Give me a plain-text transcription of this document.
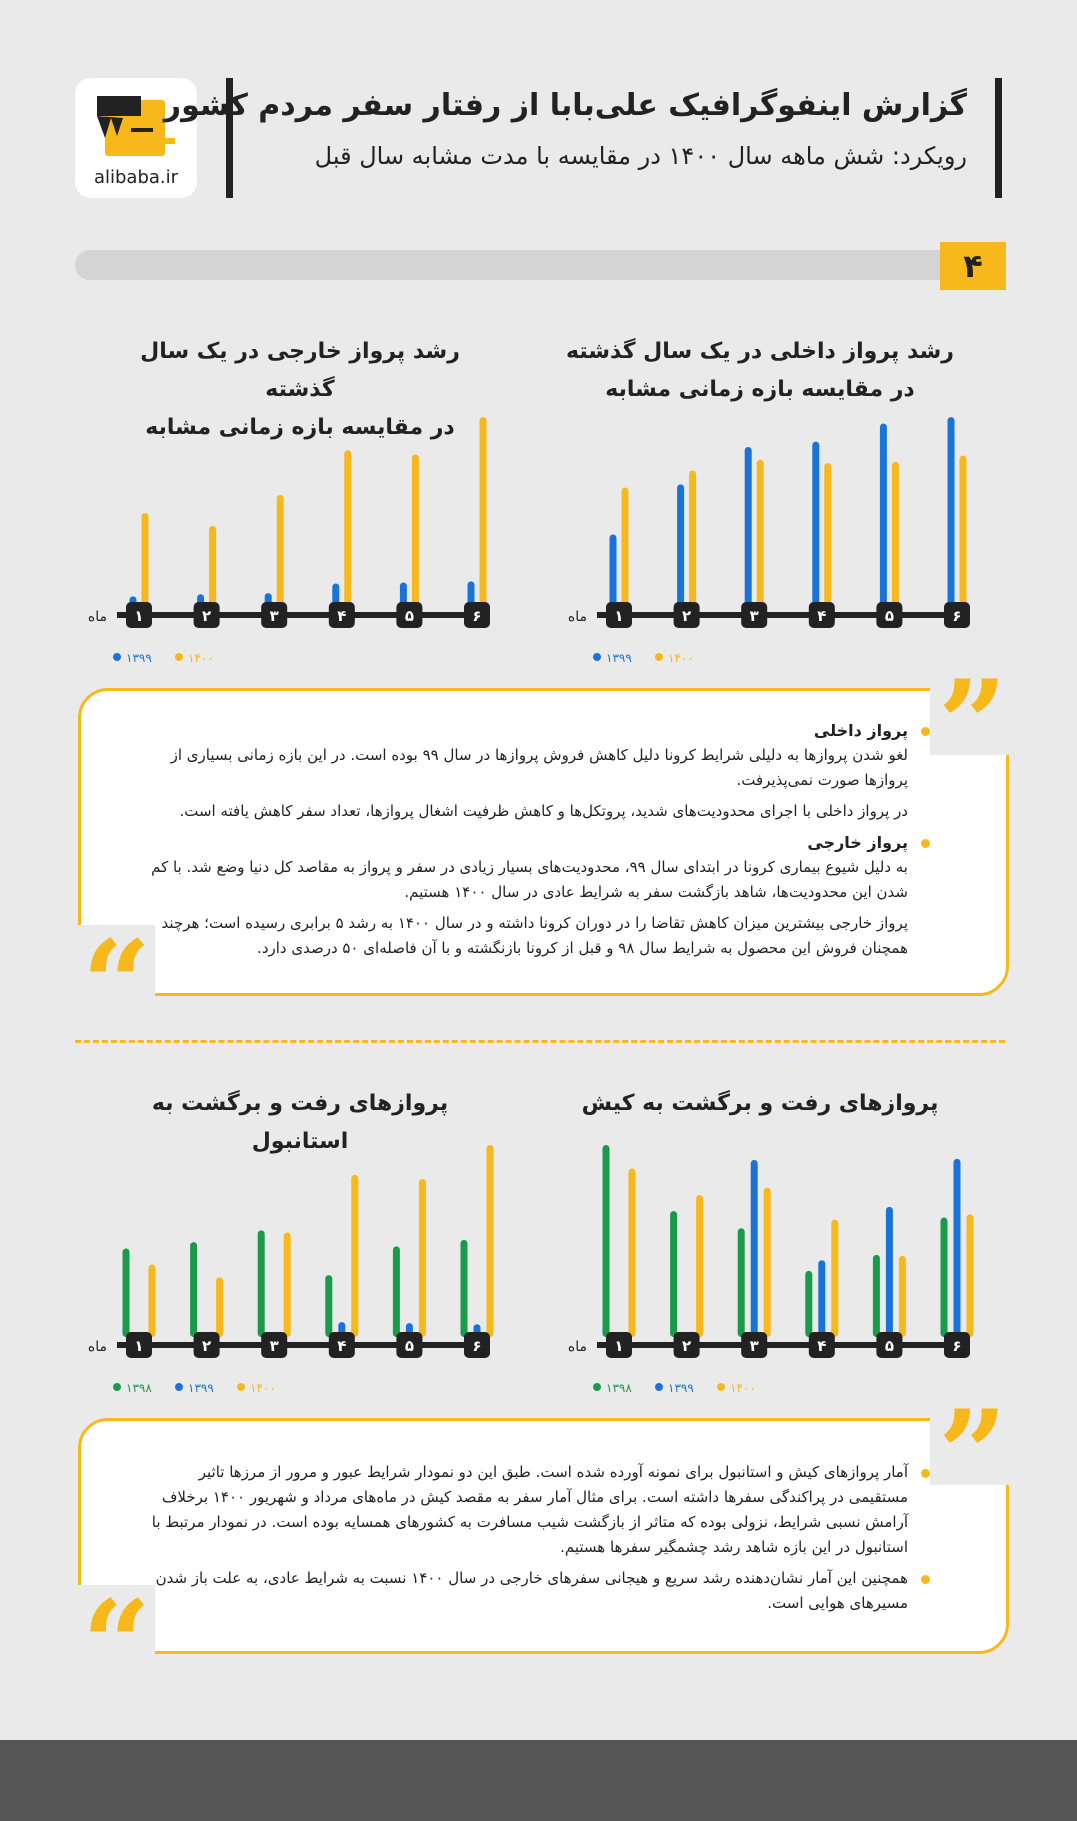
alibaba.ir
گزارش اینفوگرافیک علی‌بابا از رفتار سفر مردم کشور
رویکرد: شش ماهه سال ۱۴۰۰ در مقایسه با مدت مشابه سال قبل
۴
رشد پرواز داخلی در یک سال گذشته
در مقایسه بازه زمانی مشابه
رشد پرواز خارجی در یک سال گذشته
در مقایسه بازه زمانی مشابه
ماه ۱	۲	۳	۴	۵	۶
۱۳۹۹	۱۴۰۰
ماه ۱	۲	۳	۴	۵	۶
۱۳۹۹	۱۴۰۰	”
“
پرواز داخلی

لغو شدن پروازها به دلیلی شرایط کرونا دلیل کاهش فروش پروازها در سال ۹۹ بوده است. در این بازه زمانی بسیاری از پروازها صورت نمی‌پذیرفت.

در پرواز داخلی با اجرای محدودیت‌های شدید، پروتکل‌ها و کاهش ظرفیت اشغال پروازها، تعداد سفر کاهش یافته است.

پرواز خارجی

به دلیل شیوع بیماری کرونا در ابتدای سال ۹۹، محدودیت‌های بسیار زیادی در سفر و پرواز به مقاصد کل دنیا وضع شد. با کم شدن این محدودیت‌ها، شاهد بازگشت سفر به شرایط عادی در سال ۱۴۰۰ هستیم.

پرواز خارجی بیشترین میزان کاهش تقاضا را در دوران کرونا داشته و در سال ۱۴۰۰ به رشد ۵ برابری رسیده است؛ هرچند همچنان فروش این محصول به شرایط سال ۹۸ و قبل از کرونا بازنگشته و با آن فاصله‌ای ۵۰ درصدی دارد.

پروازهای رفت و برگشت به کیش
پروازهای رفت و برگشت به استانبول
ماه ۱	۲	۳	۴	۵	۶
۱۳۹۸	۱۳۹۹	۱۴۰۰
ماه ۱	۲	۳	۴	۵	۶
۱۳۹۸	۱۳۹۹	۱۴۰۰	”
“

آمار پروازهای کیش و استانبول برای نمونه آورده شده است. طبق این دو نمودار شرایط عبور و مرور از مرزها تاثیر مستقیمی در پراکندگی سفرها داشته است. برای مثال آمار سفر به مقصد کیش در ماه‌های مرداد و شهریور ۱۴۰۰ برخلاف آرامش نسبی شرایط، نزولی بوده که متاثر از بازگشت شیب مسافرت به کشورهای همسایه بوده است. در نمودار مرتبط با استانبول در این بازه شاهد رشد چشمگیر سفرها هستیم.

همچنین این آمار نشان‌دهنده رشد سریع و هیجانی سفرهای خارجی در سال ۱۴۰۰ نسبت به شرایط عادی، به علت باز شدن مسیرهای هوایی است.
